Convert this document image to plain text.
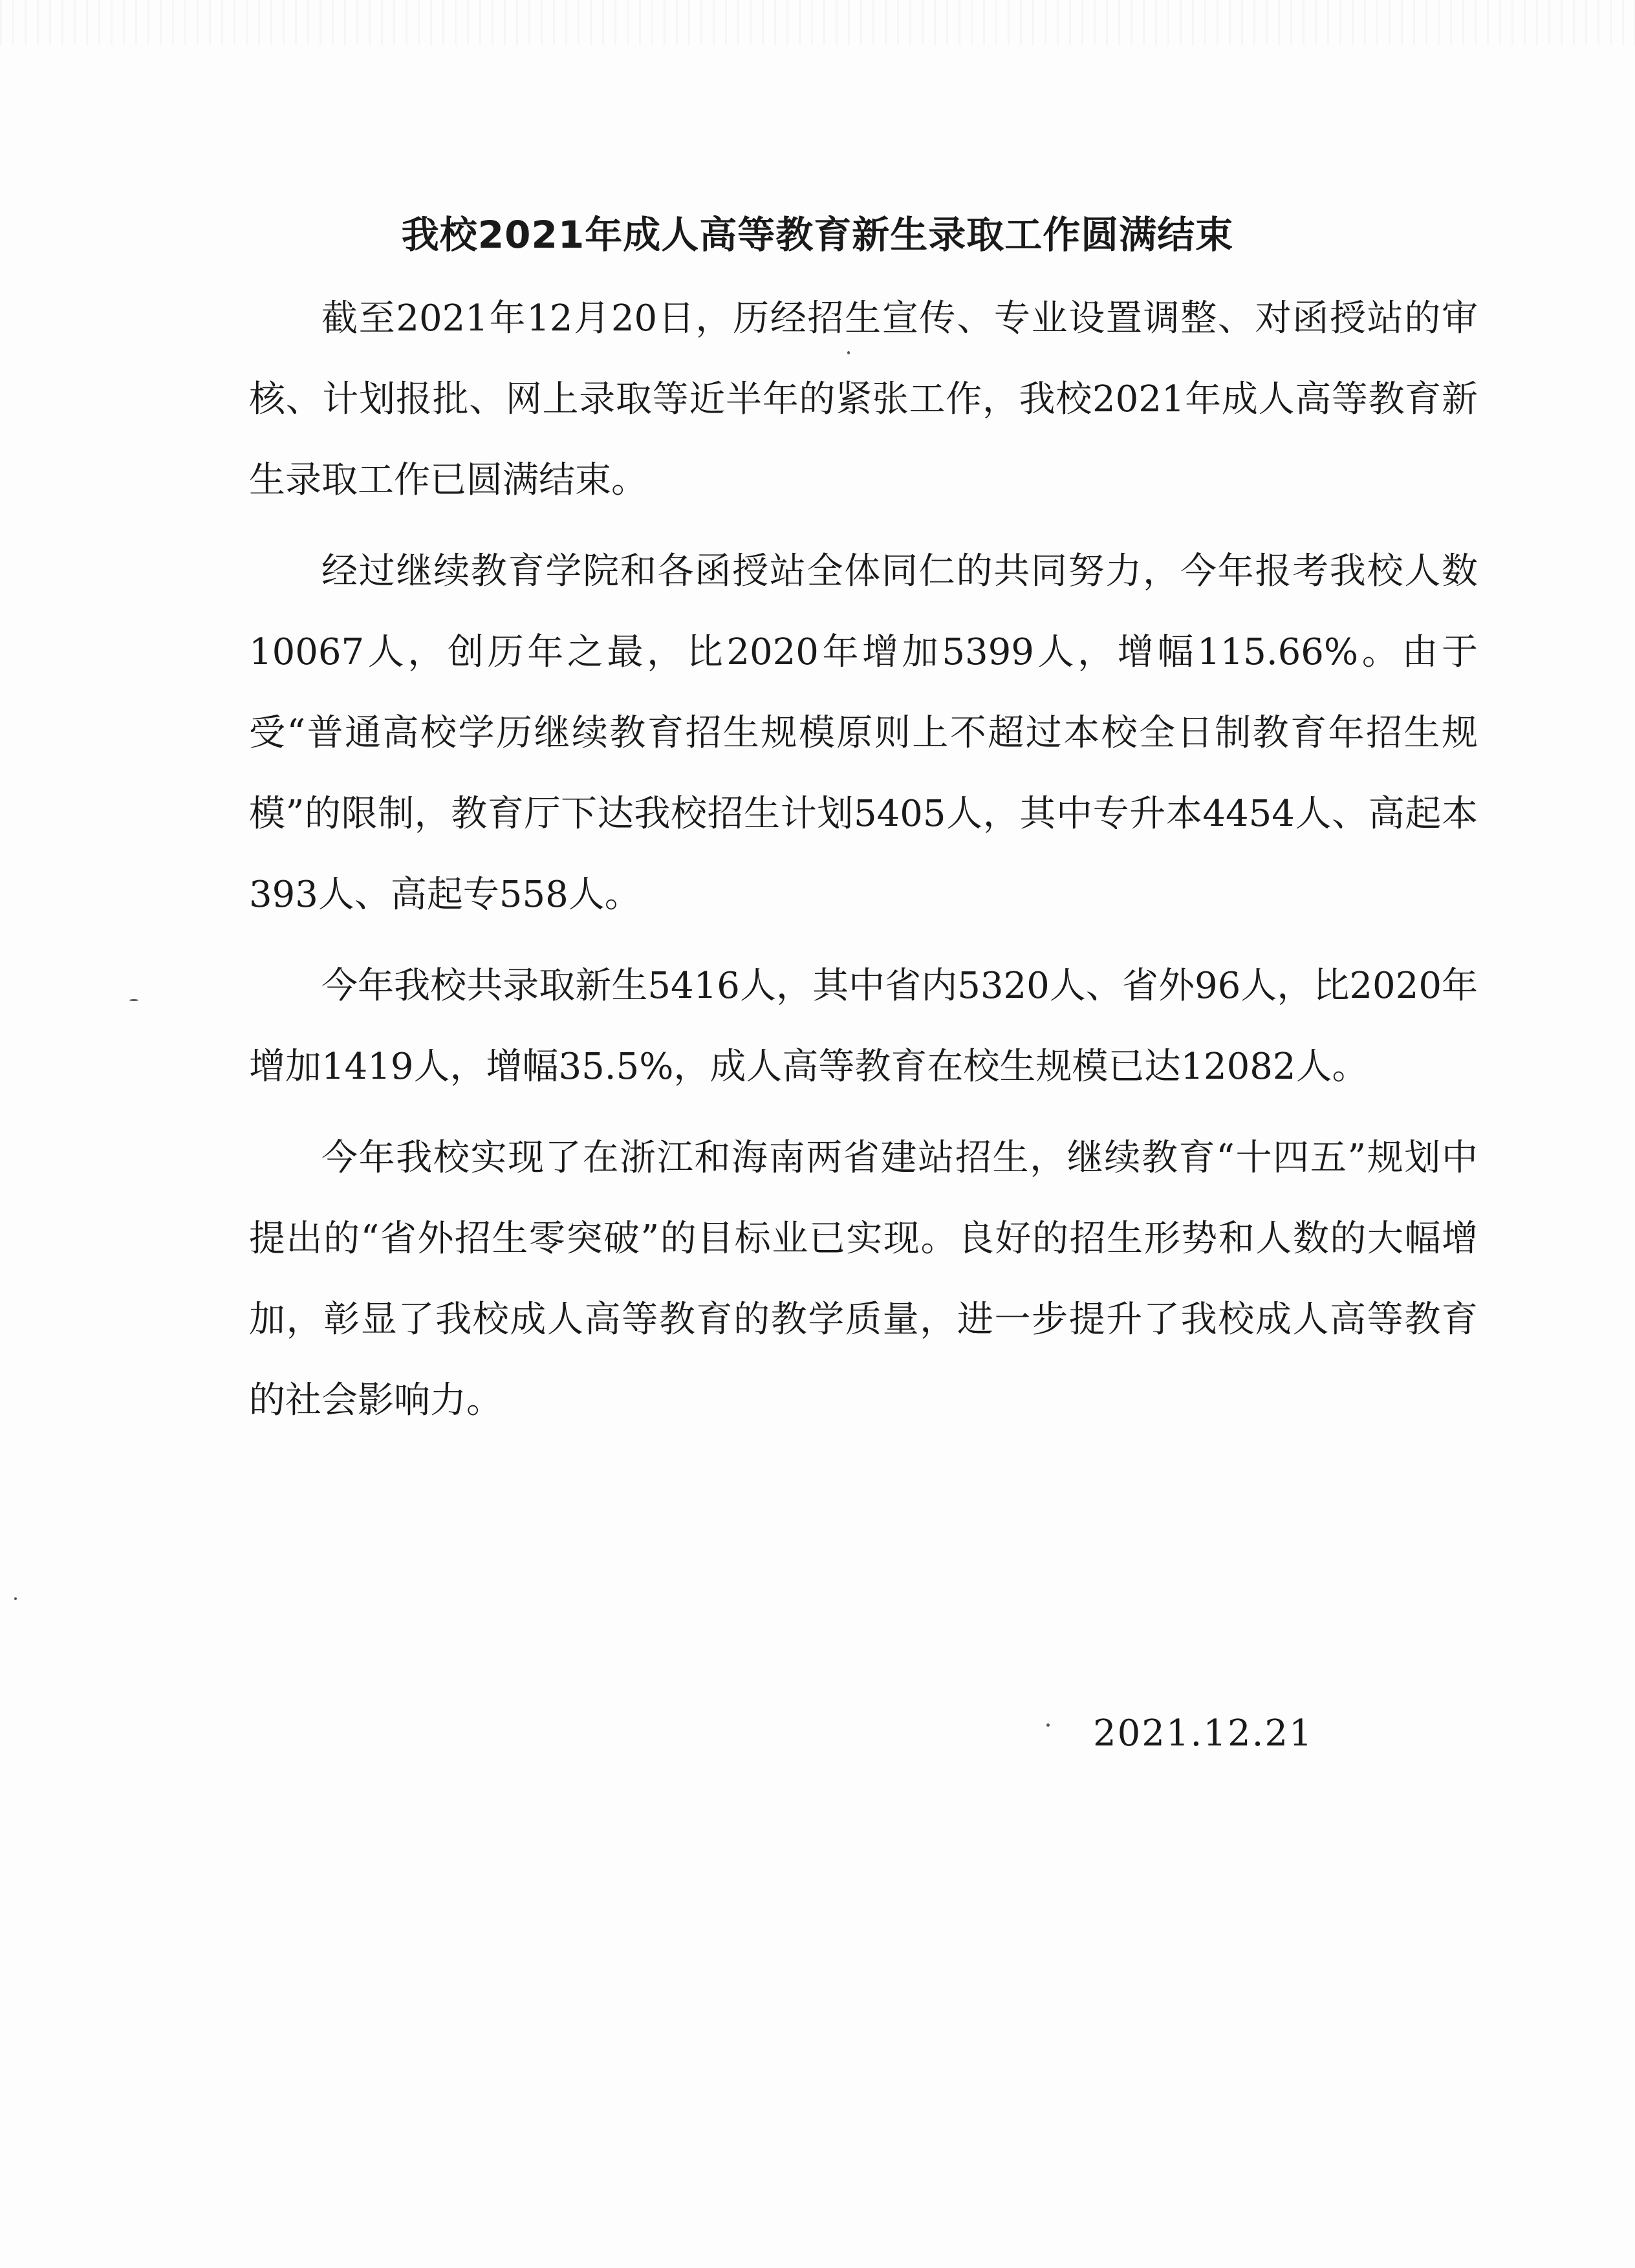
我校2021年成人高等教育新生录取工作圆满结束

截至2021年12月20日，历经招生宣传、专业设置调整、对函授站的审核、计划报批、网上录取等近半年的紧张工作，我校2021年成人高等教育新生录取工作已圆满结束。

经过继续教育学院和各函授站全体同仁的共同努力，今年报考我校人数10067人，创历年之最，比2020年增加5399人，增幅115.66%。由于受“普通高校学历继续教育招生规模原则上不超过本校全日制教育年招生规模”的限制，教育厅下达我校招生计划5405人，其中专升本4454人、高起本393人、高起专558人。

今年我校共录取新生5416人，其中省内5320人、省外96人，比2020年增加1419人，增幅35.5%，成人高等教育在校生规模已达12082人。

今年我校实现了在浙江和海南两省建站招生，继续教育“十四五”规划中提出的“省外招生零突破”的目标业已实现。良好的招生形势和人数的大幅增加，彰显了我校成人高等教育的教学质量，进一步提升了我校成人高等教育的社会影响力。

2021.12.21
